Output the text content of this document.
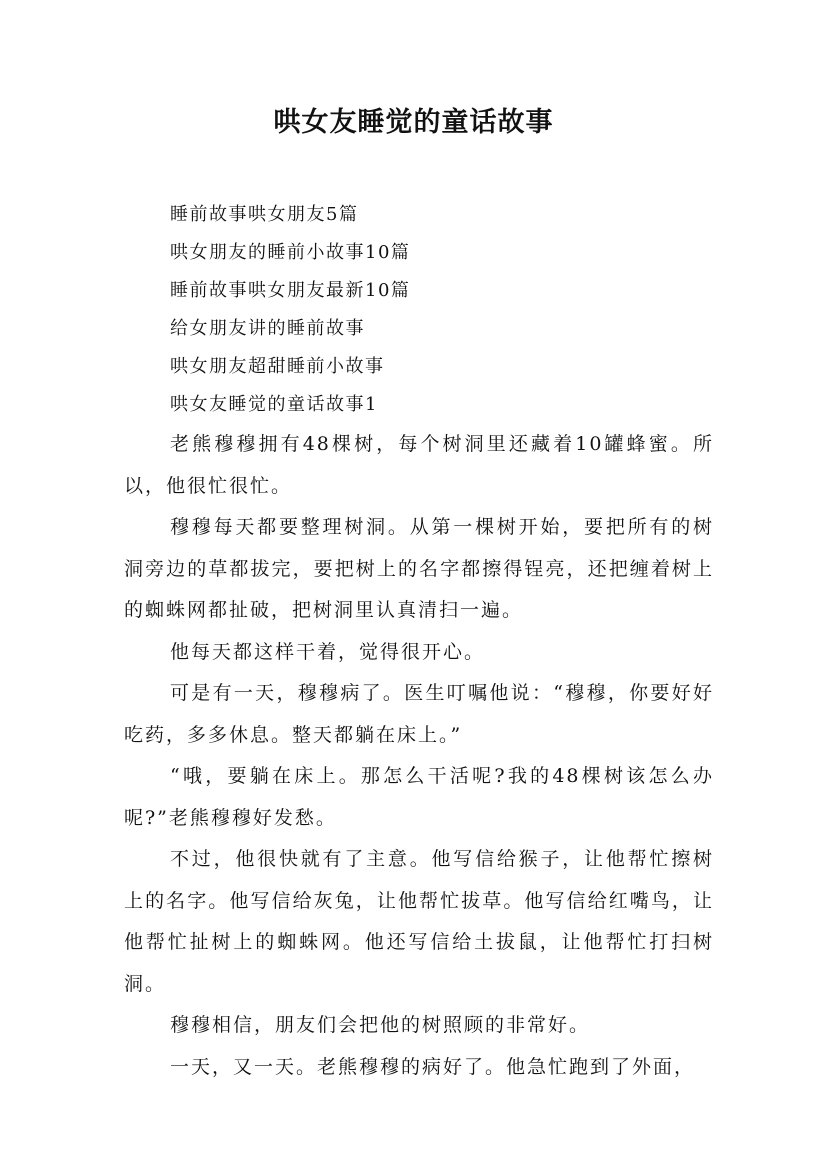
哄女友睡觉的童话故事
睡前故事哄女朋友5篇
哄女朋友的睡前小故事10篇
睡前故事哄女朋友最新10篇
给女朋友讲的睡前故事
哄女朋友超甜睡前小故事
哄女友睡觉的童话故事1

老熊穆穆拥有48棵树，每个树洞里还藏着10罐蜂蜜。所以，他很忙很忙。

穆穆每天都要整理树洞。从第一棵树开始，要把所有的树洞旁边的草都拔完，要把树上的名字都擦得锃亮，还把缠着树上的蜘蛛网都扯破，把树洞里认真清扫一遍。

他每天都这样干着，觉得很开心。

可是有一天，穆穆病了。医生叮嘱他说：“穆穆，你要好好吃药，多多休息。整天都躺在床上。”

“哦，要躺在床上。那怎么干活呢?我的48棵树该怎么办呢?”老熊穆穆好发愁。

不过，他很快就有了主意。他写信给猴子，让他帮忙擦树上的名字。他写信给灰兔，让他帮忙拔草。他写信给红嘴鸟，让他帮忙扯树上的蜘蛛网。他还写信给土拔鼠，让他帮忙打扫树洞。

穆穆相信，朋友们会把他的树照顾的非常好。

一天，又一天。老熊穆穆的病好了。他急忙跑到了外面，
